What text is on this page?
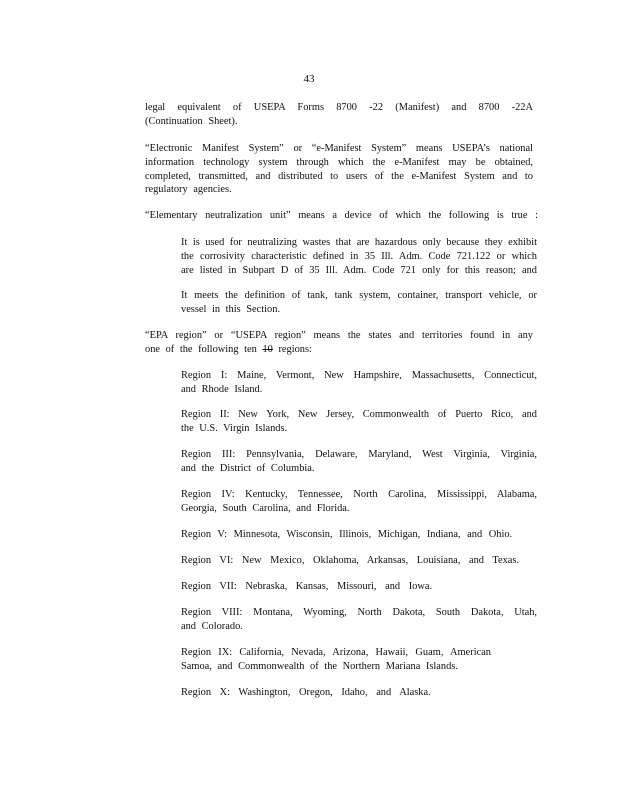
43

legal equivalent of USEPA Forms 8700 -22 (Manifest) and 8700 -22A
(Continuation Sheet).

“Electronic Manifest System” or “e-Manifest System” means USEPA’s national
information technology system through which the e-Manifest may be obtained,
completed, transmitted, and distributed to users of the e-Manifest System and to
regulatory agencies.

“Elementary neutralization unit” means a device of which the following is true :

It is used for neutralizing wastes that are hazardous only because they exhibit
the corrosivity characteristic defined in 35 Ill. Adm. Code 721.122 or which
are listed in Subpart D of 35 Ill. Adm. Code 721 only for this reason; and

It meets the definition of tank, tank system, container, transport vehicle, or
vessel in this Section.

“EPA region” or “USEPA region” means the states and territories found in any
one of the following ten 10 regions:

Region I: Maine, Vermont, New Hampshire, Massachusetts, Connecticut,
and Rhode Island.

Region II: New York, New Jersey, Commonwealth of Puerto Rico, and
the U.S. Virgin Islands.

Region III: Pennsylvania, Delaware, Maryland, West Virginia, Virginia,
and the District of Columbia.

Region IV: Kentucky, Tennessee, North Carolina, Mississippi, Alabama,
Georgia, South Carolina, and Florida.

Region V: Minnesota, Wisconsin, Illinois, Michigan, Indiana, and Ohio.

Region VI: New Mexico, Oklahoma, Arkansas, Louisiana, and Texas.

Region VII: Nebraska, Kansas, Missouri, and Iowa.

Region VIII: Montana, Wyoming, North Dakota, South Dakota, Utah,
and Colorado.

Region IX: California, Nevada, Arizona, Hawaii, Guam, American
Samoa, and Commonwealth of the Northern Mariana Islands.

Region X: Washington, Oregon, Idaho, and Alaska.
